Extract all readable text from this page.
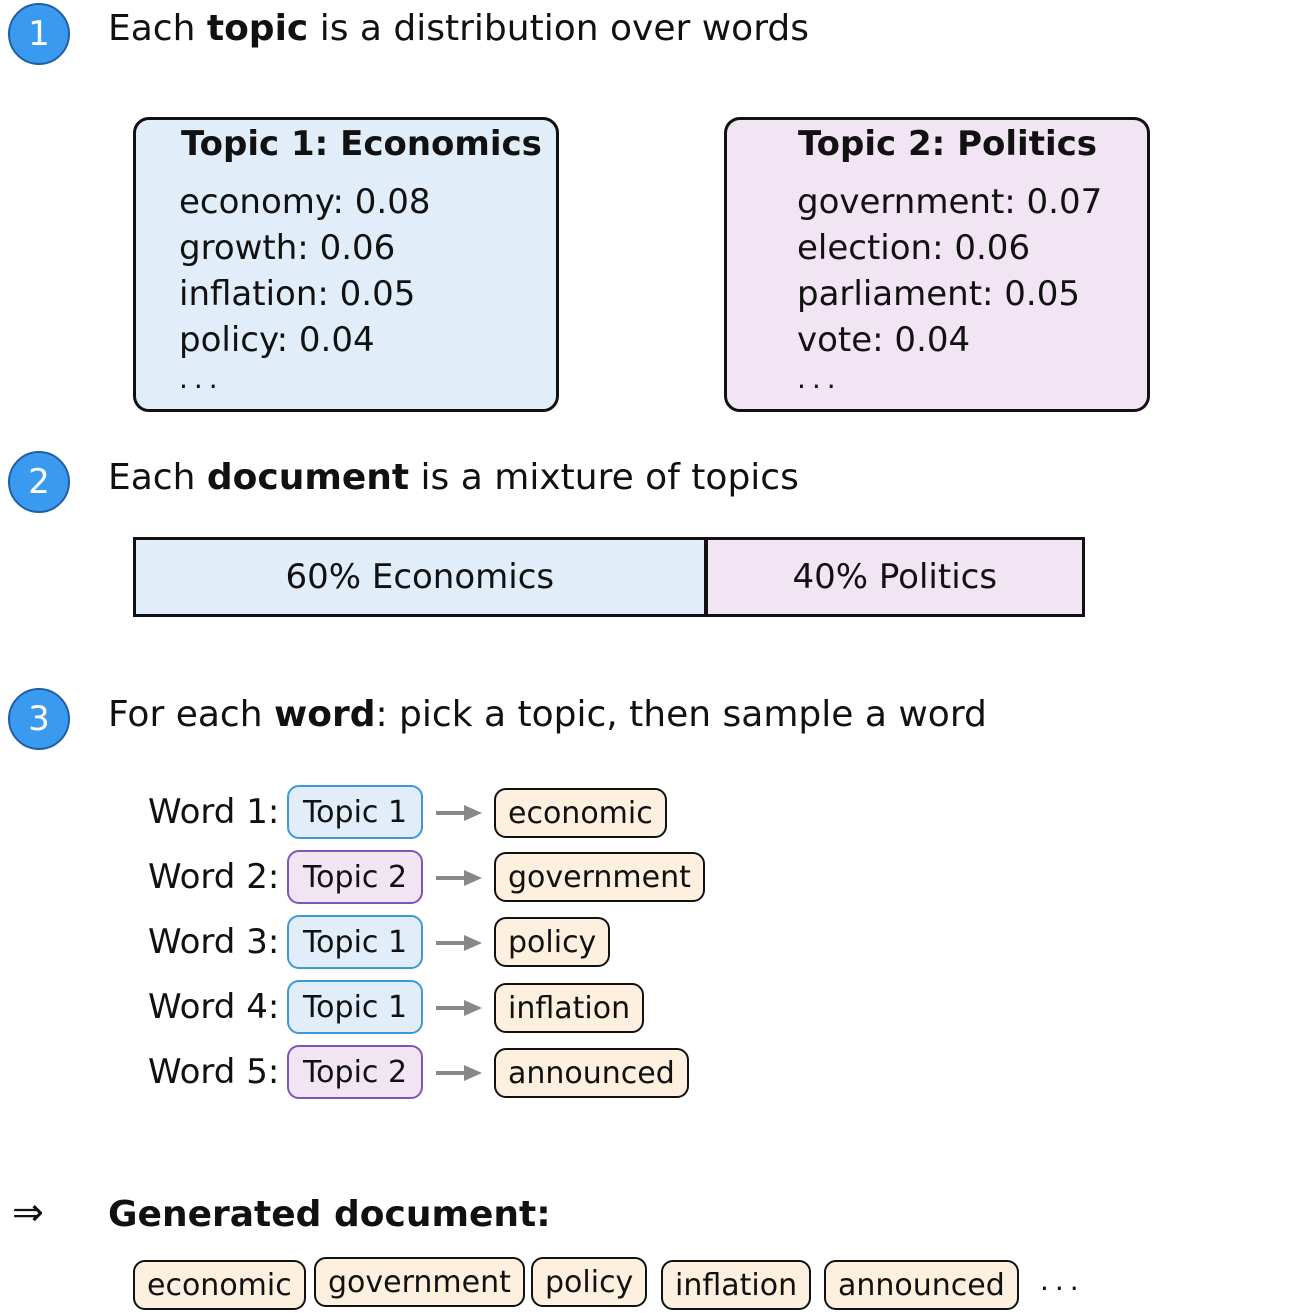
1	Each topic is a distribution over words
Topic 1: Economics
economy: 0.08
growth: 0.06
inflation: 0.05
policy: 0.04
...
Topic 2: Politics
government: 0.07
election: 0.06
parliament: 0.05
vote: 0.04
...
2	Each document is a mixture of topics
60% Economics	40% Politics
3	For each word: pick a topic, then sample a word
Word 1: Topic 1	economic
Word 2: Topic 2	government
Word 3: Topic 1	policy
Word 4: Topic 1	inflation
Word 5: Topic 2	announced
⇒ Generated document:
economic	government	policy	inflation	announced	...
